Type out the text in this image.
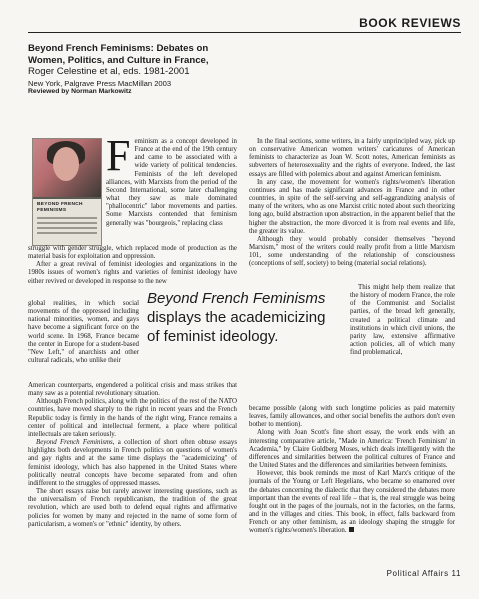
BOOK REVIEWS

Beyond French Feminisms: Debates on
Women, Politics, and Culture in France,

Roger Celestine et al, eds. 1981-2001

New York, Palgrave Press MacMillan 2003

Reviewed by Norman Markowitz

BEYOND FRENCH
FEMINISMS

Feminism as a concept developed in France at the end of the 19th century and came to be associated with a wide variety of political tendencies. Feminists of the left developed alliances, with Marxists from the period of the Second International, some later challenging what they saw as male dominated "phallocentric" labor movements and parties. Some Marxists contended that feminism generally was "bourgeois," replacing class

struggle with gender struggle, which replaced mode of production as the material basis for exploitation and oppression.

After a great revival of feminist ideologies and organizations in the 1980s issues of women's rights and varieties of feminist ideology have either revived or developed in response to the new

global realities, in which social movements of the oppressed including national minorities, women, and gays have become a significant force on the world scene. In 1968, France became the center in Europe for a student-based "New Left," of anarchists and other cultural radicals, who unlike their

American counterparts, engendered a political crisis and mass strikes that many saw as a potential revolutionary situation.

Although French politics, along with the politics of the rest of the NATO countries, have moved sharply to the right in recent years and the French Republic today is firmly in the hands of the right wing, France remains a center of political and intellectual ferment, a place where political intellectuals are taken seriously.

Beyond French Feminisms, a collection of short often obtuse essays highlights both developments in French politics on questions of women's and gay rights and at the same time displays the "academicizing" of feminist ideology, which has also happened in the United States where politically neutral concepts have become separated from and often indifferent to the struggles of oppressed masses.

The short essays raise but rarely answer interesting questions, such as the universalism of French republicanism, the tradition of the great revolution, which are used both to defend equal rights and affirmative policies for women by many and rejected in the name of some form of particularism, a women's or "ethnic" identity, by others.

Beyond French Feminisms
displays the academicizing
of feminist ideology.

In the final sections, some writers, in a fairly unprincipled way, pick up on conservative American women writers' caricatures of American feminists to characterize as Joan W. Scott notes, American feminists as subverters of heterosexuality and the rights of everyone. Indeed, the last essays are filled with polemics about and against American feminism.

In any case, the movement for women's rights/women's liberation continues and has made significant advances in France and in other countries, in spite of the self-serving and self-aggrandizing analysis of many of the writers, who as one Marxist critic noted about such theorizing long ago, build abstraction upon abstraction, in the apparent belief that the higher the abstraction, the more divorced it is from real events and life, the greater its value.

Although they would probably consider themselves "beyond Marxism," most of the writers could really profit from a little Marxism 101, some understanding of the relationship of consciousness (conceptions of self, society) to being (material social relations).

This might help them realize that the history of modern France, the role of the Communist and Socialist parties, of the broad left generally, created a political climate and institutions in which civil unions, the parity law, extensive affirmative action policies, all of which many find problematical,

became possible (along with such longtime policies as paid maternity leaves, family allowances, and other social benefits the authors don't even bother to mention).

Along with Joan Scott's fine short essay, the work ends with an interesting comparative article, "Made in America: 'French Feminism' in Academia," by Claire Goldberg Moses, which deals intelligently with the differences and similarities between the political cultures of France and the United States and the differences and similarities between feminists.

However, this book reminds me most of Karl Marx's critique of the journals of the Young or Left Hegelians, who became so enamored over the debates concerning the dialectic that they considered the debates more important than the events of real life – that is, the real struggle was being fought out in the pages of the journals, not in the factories, on the farms, and in the villages and cities. This book, in effect, falls backward from French or any other feminism, as an ideology shaping the struggle for women's rights/women's liberation.

Political Affairs 11
